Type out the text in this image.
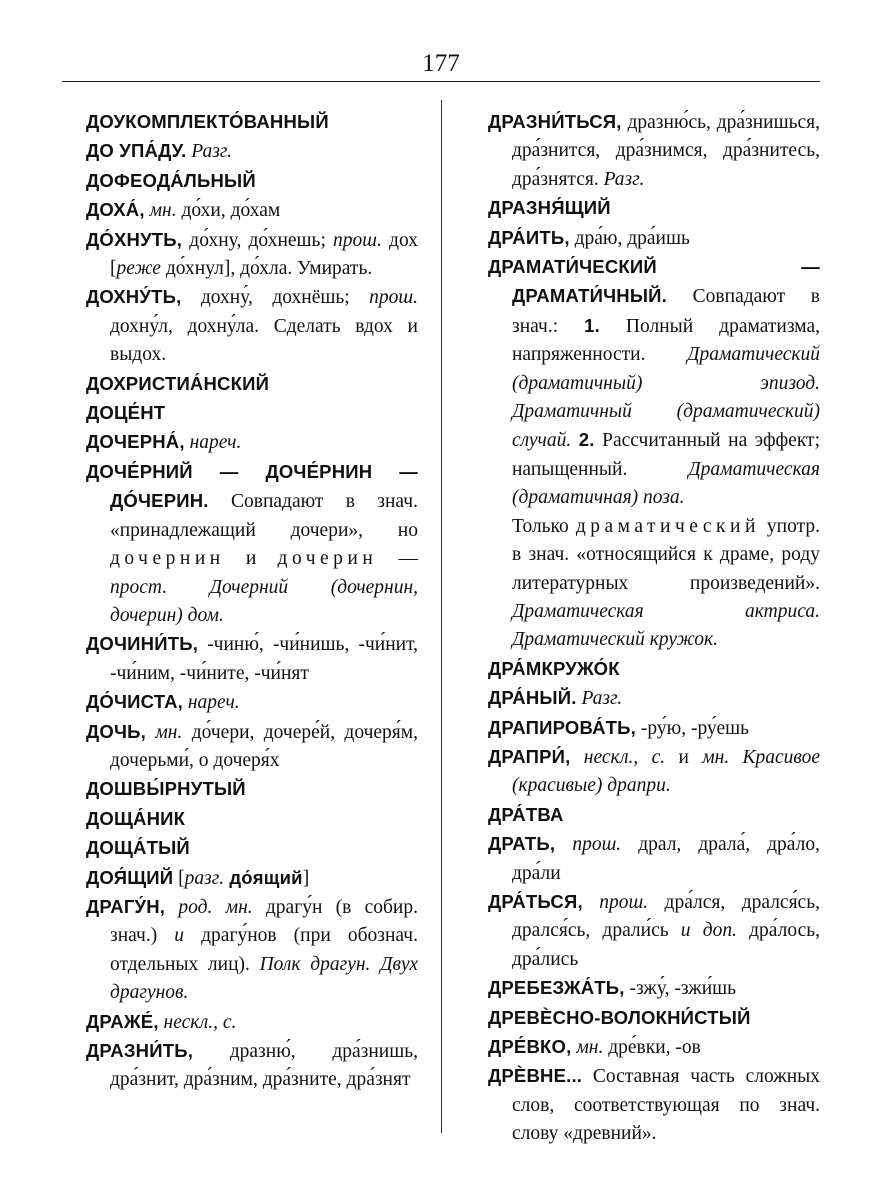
177

ДОУКОМПЛЕКТО́ВАННЫЙ

ДО УПА́ДУ. Разг.

ДОФЕОДА́ЛЬНЫЙ

ДОХА́, мн. до́хи, до́хам

ДО́ХНУТЬ, до́хну, до́хнешь; прош. дох [реже до́хнул], до́хла. Умирать.

ДОХНУ́ТЬ, дохну́, дохнёшь; прош. дохну́л, дохну́ла. Сделать вдох и выдох.

ДОХРИСТИА́НСКИЙ

ДОЦЕ́НТ

ДОЧЕРНА́, нареч.

ДОЧЕ́РНИЙ — ДОЧЕ́РНИН — ДО́ЧЕРИН. Совпадают в знач. «принадлежащий дочери», но дочернин и дочерин — прост. Дочерний (дочернин, дочерин) дом.

ДОЧИНИ́ТЬ, -чиню́, -чи́нишь, -чи́нит, -чи́ним, -чи́ните, -чи́нят

ДО́ЧИСТА, нареч.

ДОЧЬ, мн. до́чери, дочере́й, дочеря́м, дочерьми́, о дочеря́х

ДОШВЫ́РНУТЫЙ

ДОЩА́НИК

ДОЩА́ТЫЙ

ДОЯ́ЩИЙ [разг. до́ящий]

ДРАГУ́Н, род. мн. драгу́н (в собир. знач.) и драгу́нов (при обознач. отдельных лиц). Полк драгун. Двух драгунов.

ДРАЖЕ́, нескл., с.

ДРАЗНИ́ТЬ, дразню́, дра́знишь, дра́знит, дра́зним, дра́зните, дра́знят

ДРАЗНИ́ТЬСЯ, дразню́сь, дра́знишься, дра́знится, дра́знимся, дра́знитесь, дра́знятся. Разг.

ДРАЗНЯ́ЩИЙ

ДРА́ИТЬ, дра́ю, дра́ишь

ДРАМАТИ́ЧЕСКИЙ — ДРАМАТИ́ЧНЫЙ. Совпадают в знач.: 1. Полный драматизма, напряженности. Драматический (драматичный) эпизод. Драматичный (драматический) случай. 2. Рассчитанный на эффект; напыщенный. Драматическая (драматичная) поза.

Только драматический употр. в знач. «относящийся к драме, роду литературных произведений». Драматическая актриса. Драматический кружок.

ДРА́МКРУЖО́К

ДРА́НЫЙ. Разг.

ДРАПИРОВА́ТЬ, -ру́ю, -ру́ешь

ДРАПРИ́, нескл., с. и мн. Красивое (красивые) драпри.

ДРА́ТВА

ДРАТЬ, прош. драл, драла́, дра́ло, дра́ли

ДРА́ТЬСЯ, прош. дра́лся, дрался́сь, дрался́сь, драли́сь и доп. дра́лось, дра́лись

ДРЕБЕЗЖА́ТЬ, -зжу́, -зжи́шь

ДРЕВЀСНО-ВОЛОКНИ́СТЫЙ

ДРЕ́ВКО, мн. дре́вки, -ов

ДРЀВНЕ... Составная часть сложных слов, соответствующая по знач. слову «древний».
